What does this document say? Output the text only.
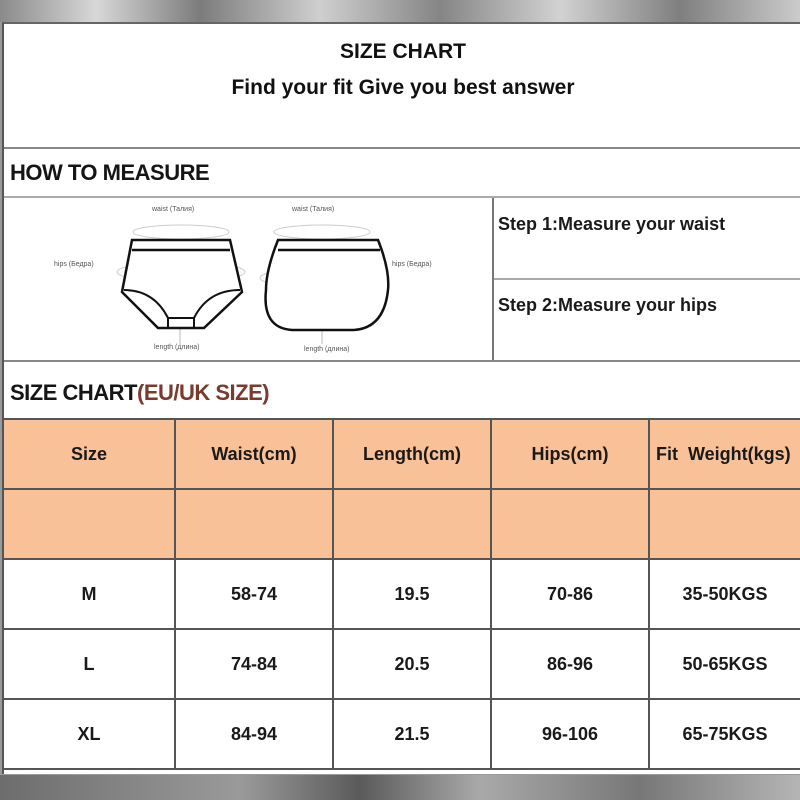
SIZE CHART
Find your fit Give you best answer
HOW TO MEASURE
waist (Талия)
hips (Бедра)
length (длина)
waist (Талия)
hips (Бедра)
length (длина)
Step 1:Measure your waist
Step 2:Measure your hips
SIZE CHART(EU/UK SIZE)
Size	Waist(cm)	Length(cm)	Hips(cm)	Fit  Weight(kgs)

M	58-74	19.5	70-86	35-50KGS
L	74-84	20.5	86-96	50-65KGS
XL	84-94	21.5	96-106	65-75KGS
